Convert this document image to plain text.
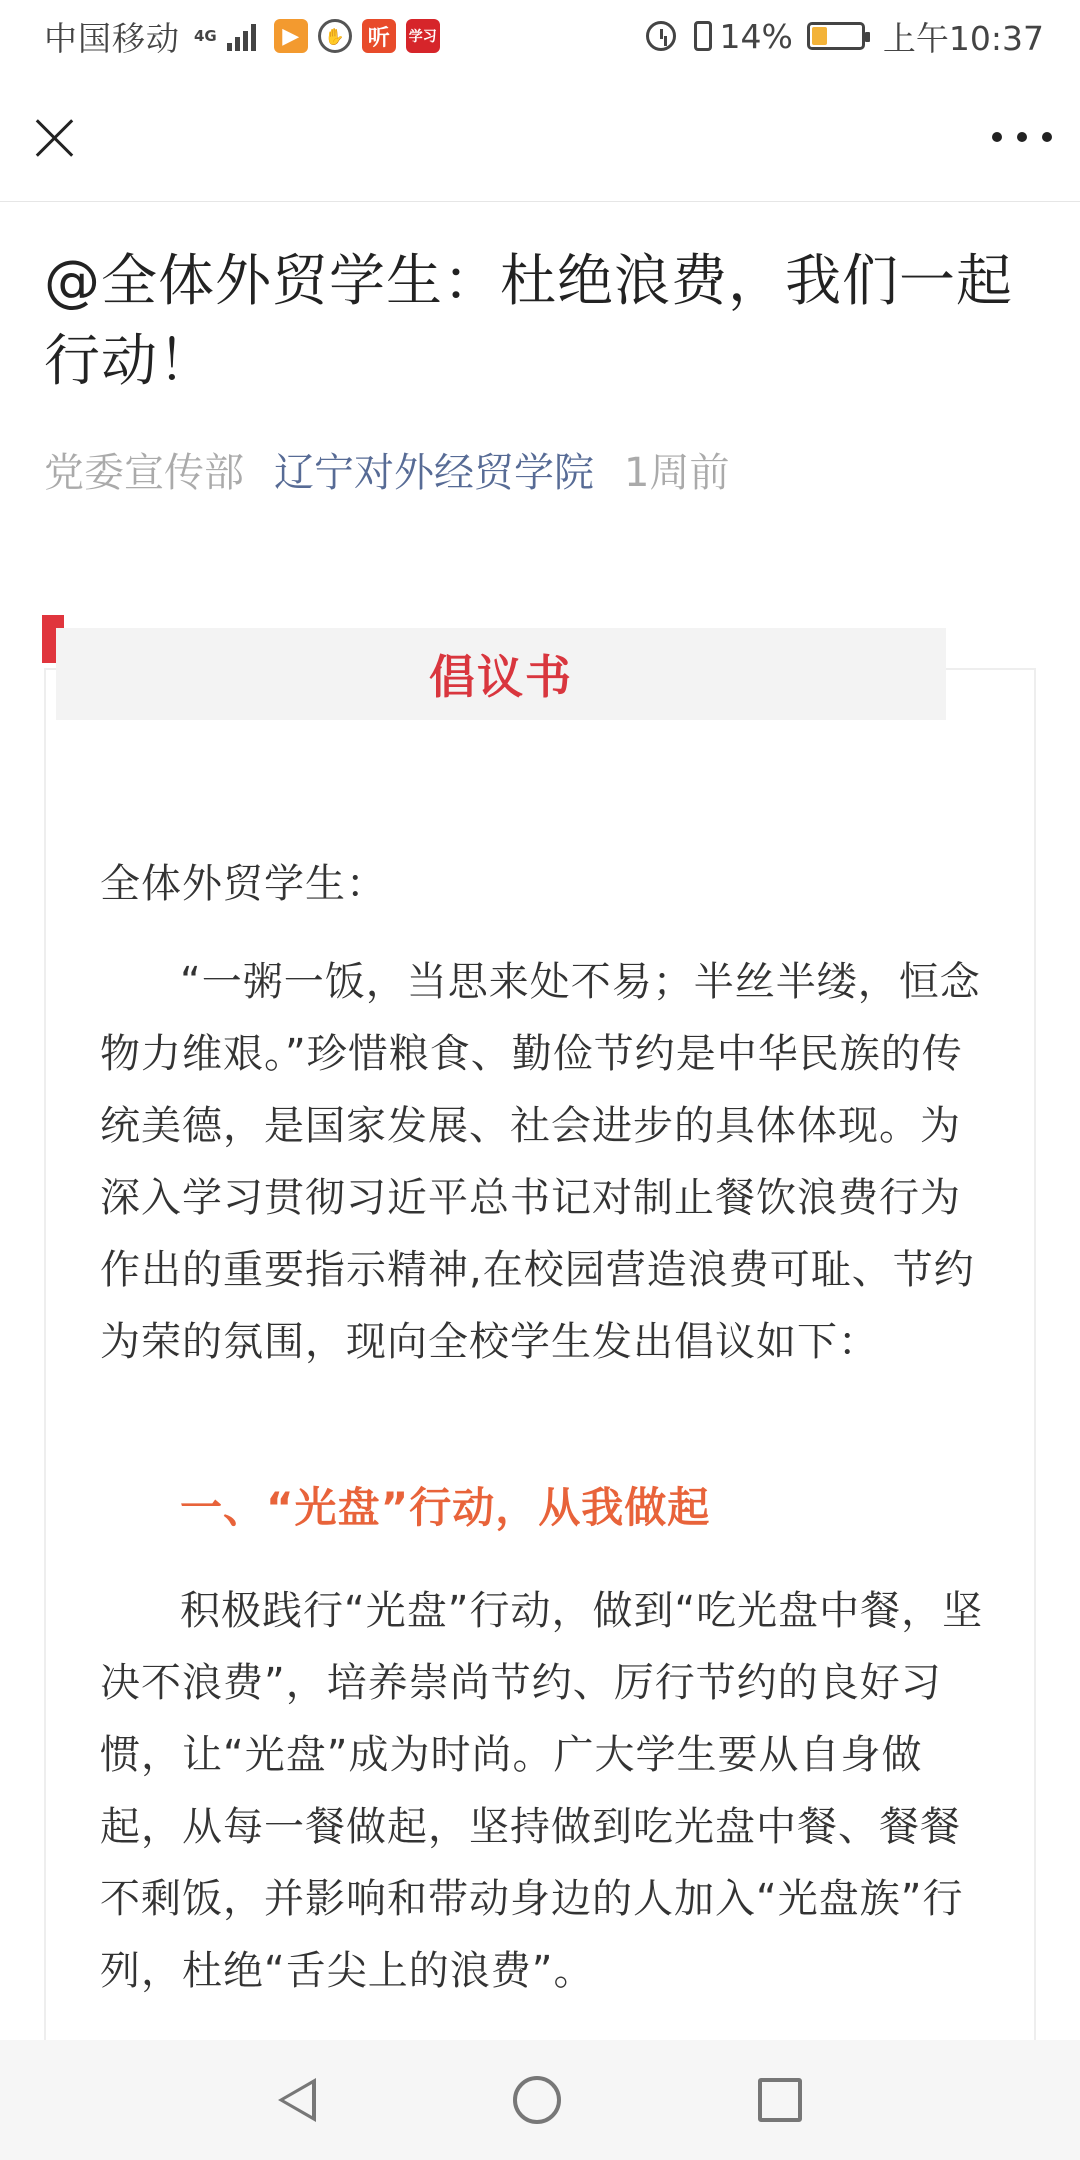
中国移动 4G	▶	✋	听	学习	14%	上午10:37
@全体外贸学生：杜绝浪费，我们一起行动！
党委宣传部 辽宁对外经贸学院 1周前
倡议书

全体外贸学生：

“一粥一饭，当思来处不易；半丝半缕，恒念物力维艰。”珍惜粮食、勤俭节约是中华民族的传统美德，是国家发展、社会进步的具体体现。为深入学习贯彻习近平总书记对制止餐饮浪费行为作出的重要指示精神,在校园营造浪费可耻、节约为荣的氛围，现向全校学生发出倡议如下：

一、“光盘”行动，从我做起

积极践行“光盘”行动，做到“吃光盘中餐，坚决不浪费”，培养崇尚节约、厉行节约的良好习惯，让“光盘”成为时尚。广大学生要从自身做起，从每一餐做起，坚持做到吃光盘中餐、餐餐不剩饭，并影响和带动身边的人加入“光盘族”行列，杜绝“舌尖上的浪费”。
